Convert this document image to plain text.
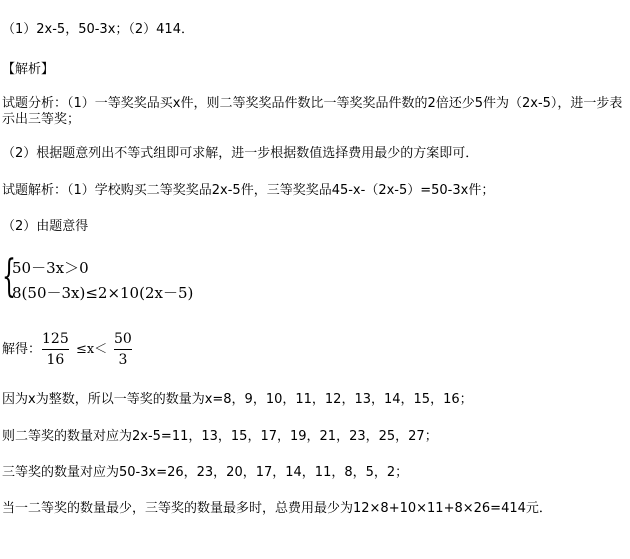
（1）2x-5，50-3x；（2）414．
【解析】
试题分析：（1）一等奖奖品买x件，则二等奖奖品件数比一等奖奖品件数的2倍还少5件为（2x-5），进一步表示出三等奖；
（2）根据题意列出不等式组即可求解，进一步根据数值选择费用最少的方案即可．
试题解析：（1）学校购买二等奖奖品2x-5件，三等奖奖品45-x-（2x-5）=50-3x件；
（2）由题意得
{
50－3x＞0
8(50－3x)≤2×10(2x－5)
解得：
125
16
≤x＜
50
3
因为x为整数，所以一等奖的数量为x=8，9，10，11，12，13，14，15，16；
则二等奖的数量对应为2x-5=11，13，15，17，19，21，23，25，27；
三等奖的数量对应为50-3x=26，23，20，17，14，11，8，5，2；
当一二等奖的数量最少，三等奖的数量最多时，总费用最少为12×8+10×11+8×26=414元．
